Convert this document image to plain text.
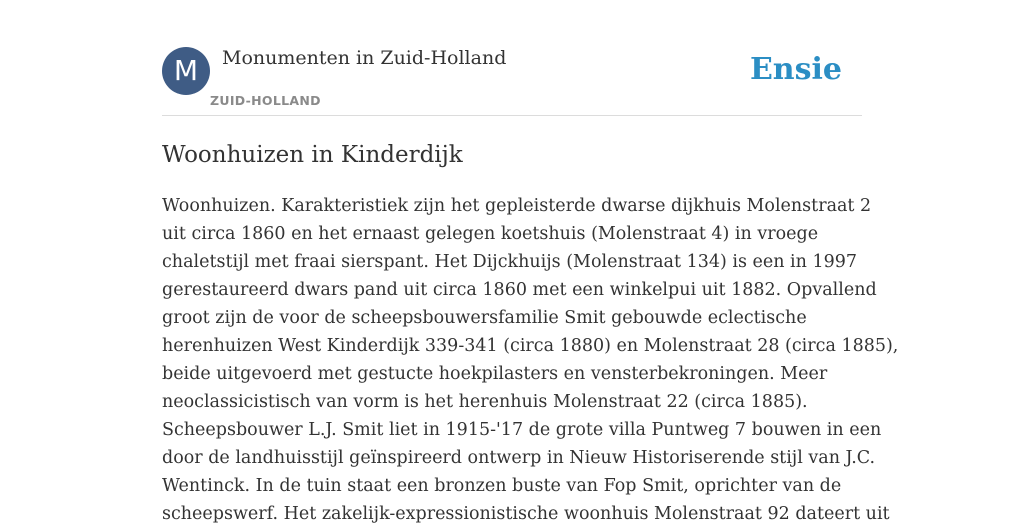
M	Monumenten in Zuid-Holland
ZUID-HOLLAND
Ensie
Woonhuizen in Kinderdijk
Woonhuizen. Karakteristiek zijn het gepleisterde dwarse dijkhuis Molenstraat 2
uit circa 1860 en het ernaast gelegen koetshuis (Molenstraat 4) in vroege
chaletstijl met fraai sierspant. Het Dijckhuijs (Molenstraat 134) is een in 1997
gerestaureerd dwars pand uit circa 1860 met een winkelpui uit 1882. Opvallend
groot zijn de voor de scheepsbouwersfamilie Smit gebouwde eclectische
herenhuizen West Kinderdijk 339-341 (circa 1880) en Molenstraat 28 (circa 1885),
beide uitgevoerd met gestucte hoekpilasters en vensterbekroningen. Meer
neoclassicistisch van vorm is het herenhuis Molenstraat 22 (circa 1885).
Scheepsbouwer L.J. Smit liet in 1915-'17 de grote villa Puntweg 7 bouwen in een
door de landhuisstijl geïnspireerd ontwerp in Nieuw Historiserende stijl van J.C.
Wentinck. In de tuin staat een bronzen buste van Fop Smit, oprichter van de
scheepswerf. Het zakelijk-expressionistische woonhuis Molenstraat 92 dateert uit
